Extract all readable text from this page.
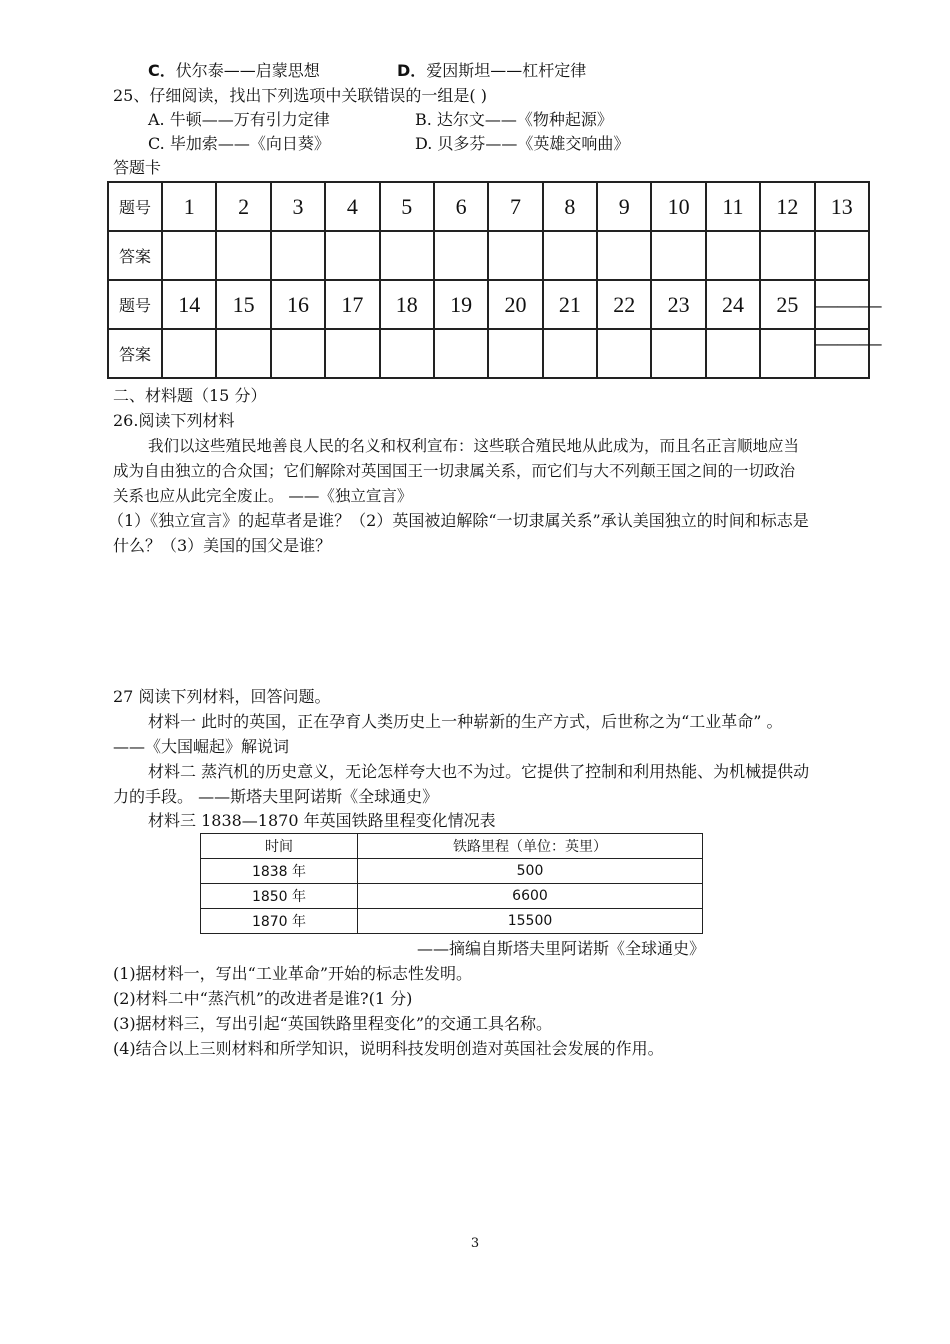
C．伏尔泰——启蒙思想	D．爱因斯坦——杠杆定律
25、仔细阅读，找出下列选项中关联错误的一组是( )
A. 牛顿——万有引力定律	B. 达尔文——《物种起源》
C. 毕加索——《向日葵》	D. 贝多芬——《英雄交响曲》
答题卡
题号	1	2	3	4	5	6	7	8	9	10	11	12	13
答案													
题号	14	15	16	17	18	19	20	21	22	23	24	25	———
答案													———
二、材料题（15 分）
26.阅读下列材料
我们以这些殖民地善良人民的名义和权利宣布：这些联合殖民地从此成为，而且名正言顺地应当
成为自由独立的合众国；它们解除对英国国王一切隶属关系，而它们与大不列颠王国之间的一切政治
关系也应从此完全废止。 ——《独立宣言》
（1）《独立宣言》的起草者是谁？（2）英国被迫解除“一切隶属关系”承认美国独立的时间和标志是
什么？（3）美国的国父是谁？
27 阅读下列材料，回答问题。
材料一 此时的英国，正在孕育人类历史上一种崭新的生产方式，后世称之为“工业革命” 。
——《大国崛起》解说词
材料二 蒸汽机的历史意义，无论怎样夸大也不为过。它提供了控制和利用热能、为机械提供动
力的手段。 ——斯塔夫里阿诺斯《全球通史》
材料三 1838—1870 年英国铁路里程变化情况表
时间	铁路里程（单位：英里）
1838 年	500
1850 年	6600
1870 年	15500
——摘编自斯塔夫里阿诺斯《全球通史》
(1)据材料一，写出“工业革命”开始的标志性发明。
(2)材料二中“蒸汽机”的改进者是谁?(1 分)
(3)据材料三，写出引起“英国铁路里程变化”的交通工具名称。
(4)结合以上三则材料和所学知识，说明科技发明创造对英国社会发展的作用。
3
